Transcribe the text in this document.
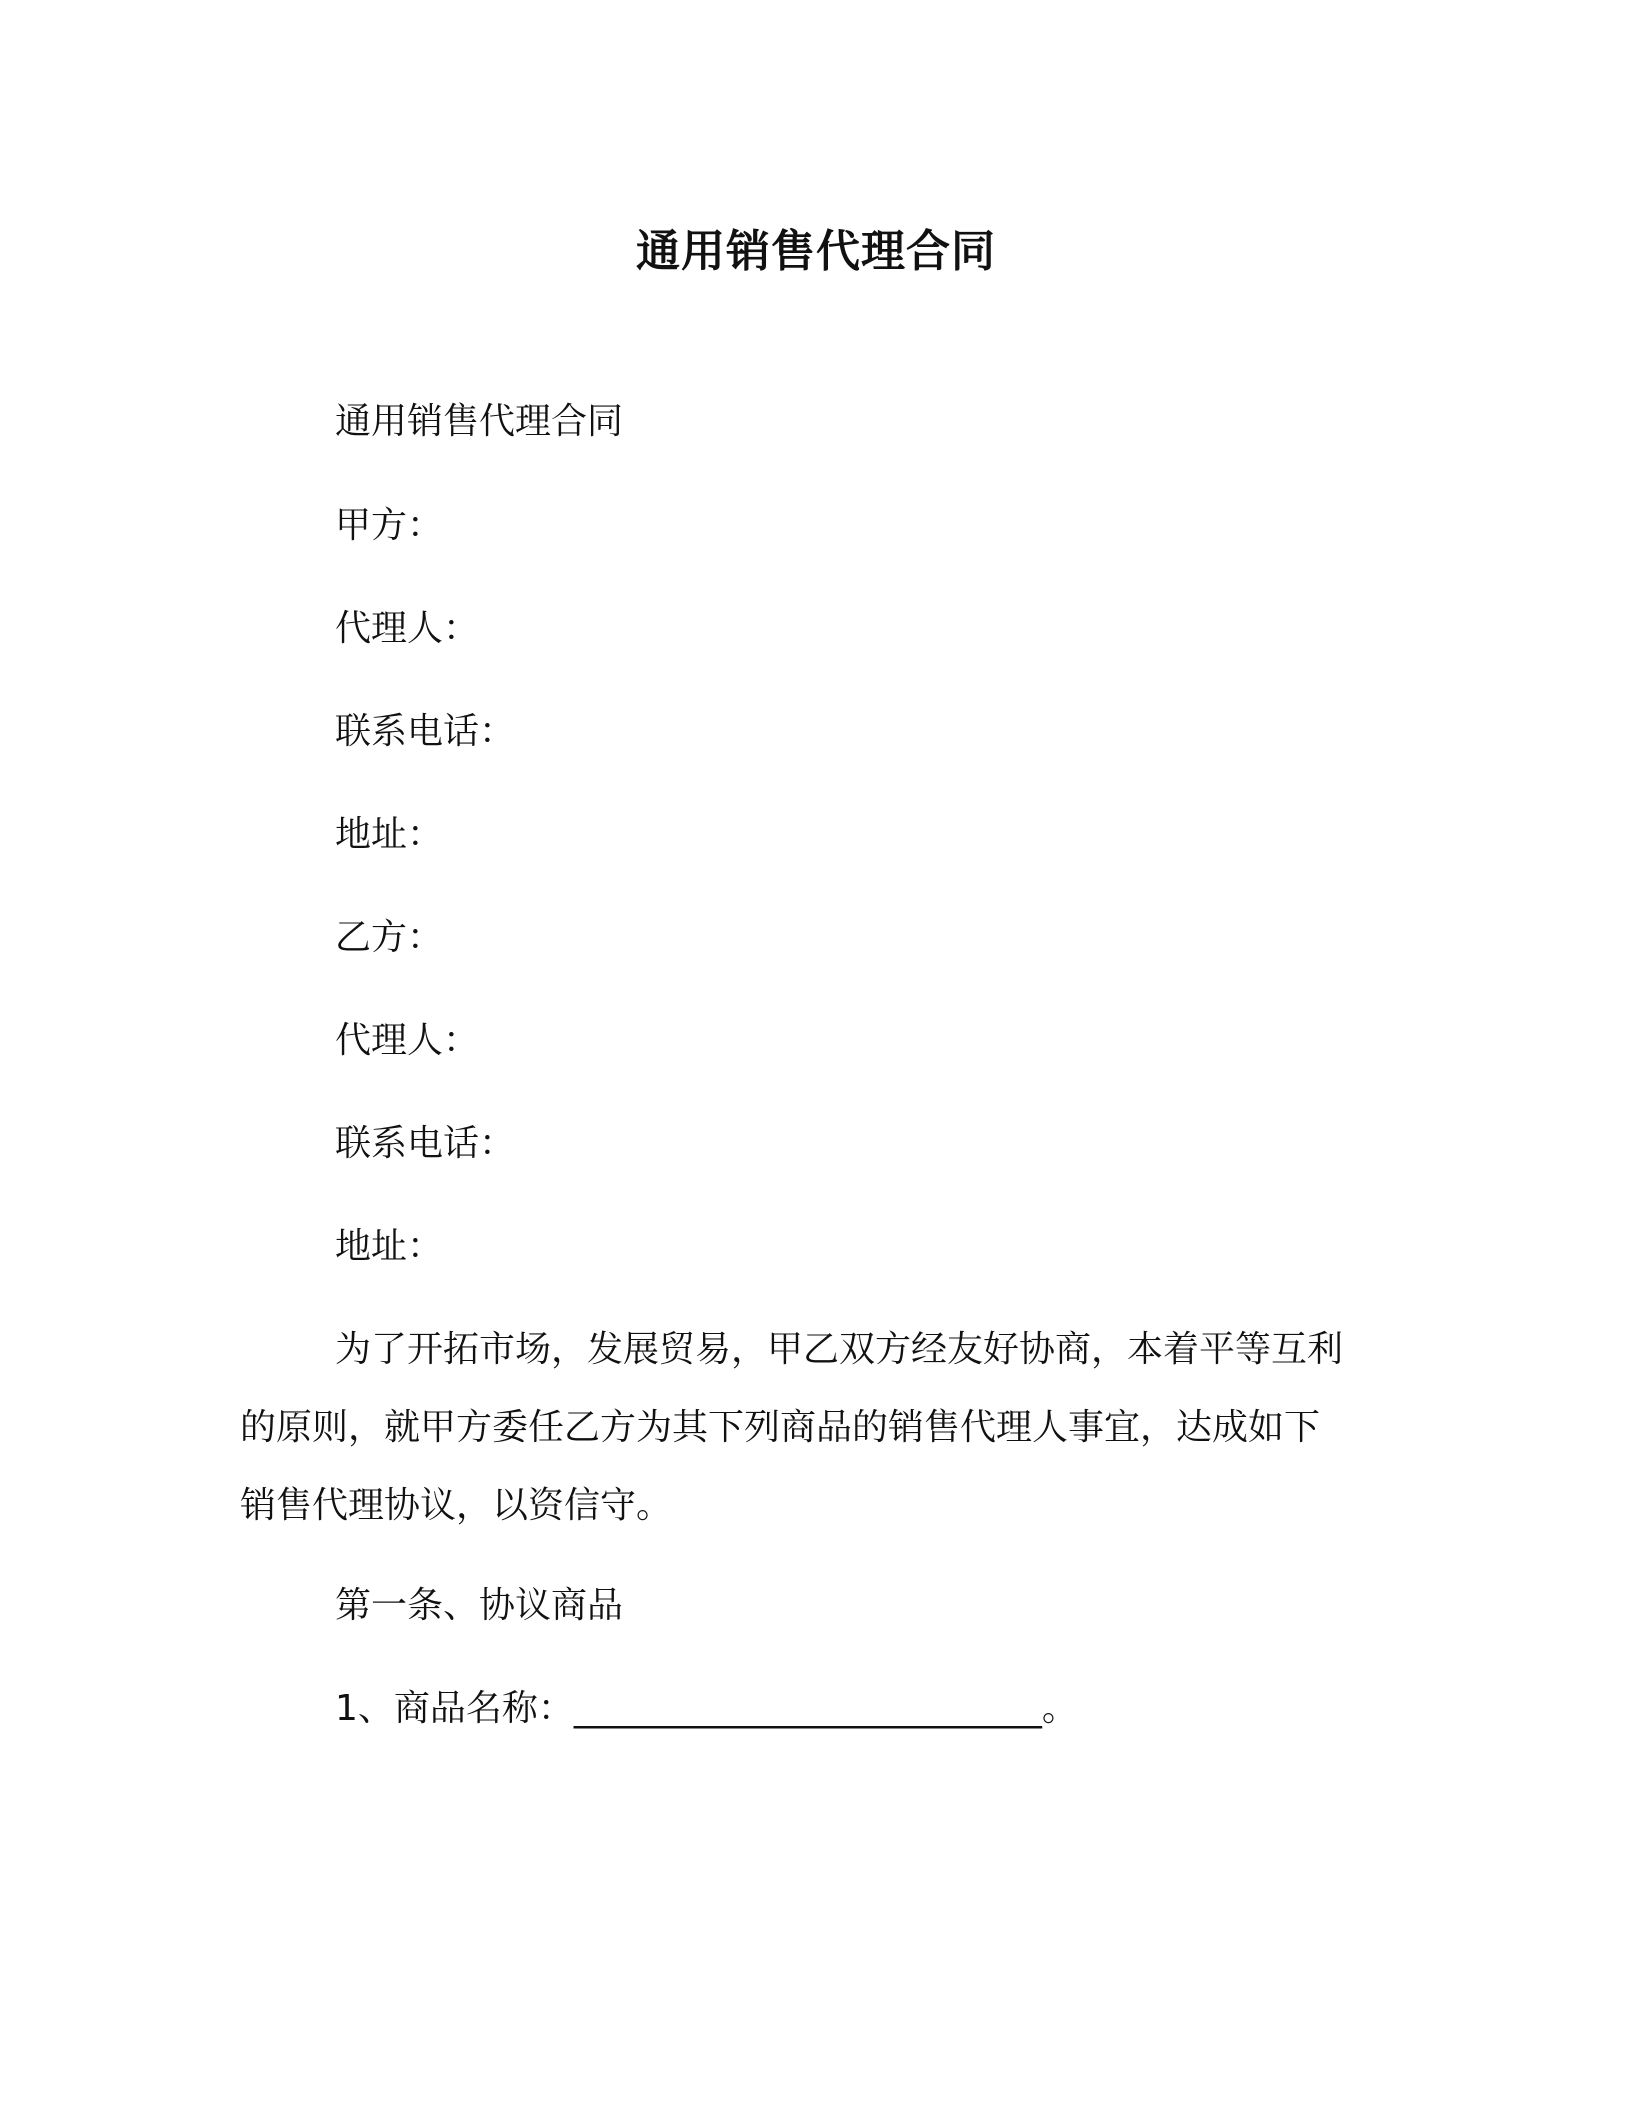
通用销售代理合同
通用销售代理合同
甲方：
代理人：
联系电话：
地址：
乙方：
代理人：
联系电话：
地址：
为了开拓市场，发展贸易，甲乙双方经友好协商，本着平等互利
的原则，就甲方委任乙方为其下列商品的销售代理人事宜，达成如下
销售代理协议，以资信守。
第一条、协议商品
1、商品名称：__________________________。
